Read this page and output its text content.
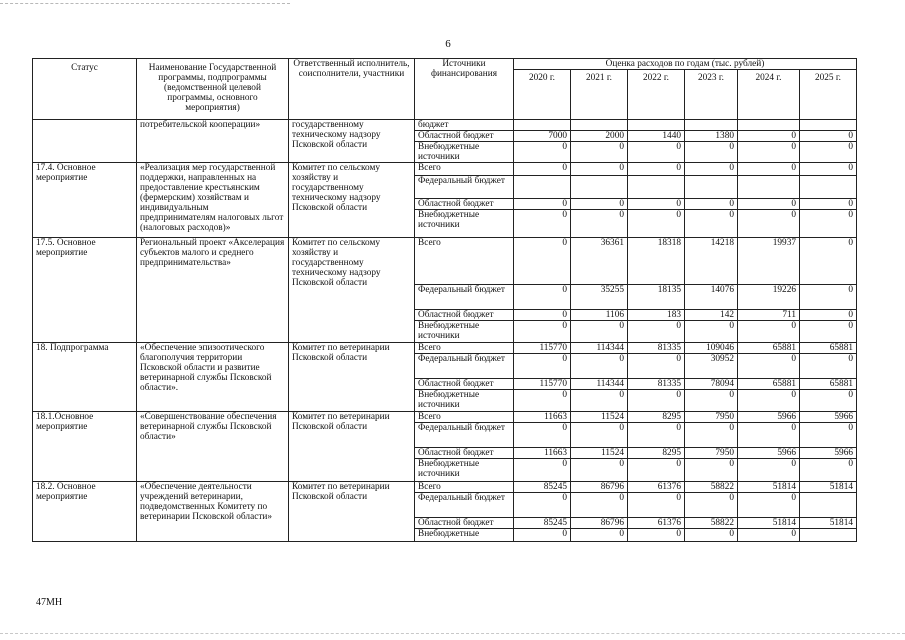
6
Статус	Наименование Государственной программы, подпрограммы (ведомственной целевой программы, основного мероприятия)	Ответственный исполнитель, соисполнители, участники	Источники финансирования	Оценка расходов по годам (тыс. рублей)					
				2020 г.	2021 г.	2022 г.	2023 г.	2024 г.	2025 г.
	потребительской кооперации»	государственному техническому надзору Псковской области	бюджет						
			Областной бюджет	7000	2000	1440	1380	0	0
			Внебюджетные источники	0	0	0	0	0	0
17.4. Основное мероприятие	«Реализация мер государственной поддержки, направленных на предоставление крестьянским (фермерским) хозяйствам и индивидуальным предпринимателям налоговых льгот (налоговых расходов)»	Комитет по сельскому хозяйству и государственному техническому надзору Псковской области	Всего	0	0	0	0	0	0
			Федеральный бюджет						
			Областной бюджет	0	0	0	0	0	0
			Внебюджетные источники	0	0	0	0	0	0
17.5. Основное мероприятие	Региональный проект «Акселерация субъектов малого и среднего предпринимательства»	Комитет по сельскому хозяйству и государственному техническому надзору Псковской области	Всего	0	36361	18318	14218	19937	0
			Федеральный бюджет	0	35255	18135	14076	19226	0
			Областной бюджет	0	1106	183	142	711	0
			Внебюджетные источники	0	0	0	0	0	0
18. Подпрограмма	«Обеспечение эпизоотического благополучия территории Псковской области и развитие ветеринарной службы Псковской области».	Комитет по ветеринарии Псковской области	Всего	115770	114344	81335	109046	65881	65881
			Федеральный бюджет	0	0	0	30952	0	0
			Областной бюджет	115770	114344	81335	78094	65881	65881
			Внебюджетные источники	0	0	0	0	0	0
18.1.Основное мероприятие	«Совершенствование обеспечения ветеринарной службы Псковской области»	Комитет по ветеринарии Псковской области	Всего	11663	11524	8295	7950	5966	5966
			Федеральный бюджет	0	0	0	0	0	0
			Областной бюджет	11663	11524	8295	7950	5966	5966
			Внебюджетные источники	0	0	0	0	0	0
18.2. Основное мероприятие	«Обеспечение деятельности учреждений ветеринарии, подведомственных Комитету по ветеринарии Псковской области»	Комитет по ветеринарии Псковской области	Всего	85245	86796	61376	58822	51814	51814
			Федеральный бюджет	0	0	0	0	0	
			Областной бюджет	85245	86796	61376	58822	51814	51814
			Внебюджетные	0	0	0	0	0	
47МН
